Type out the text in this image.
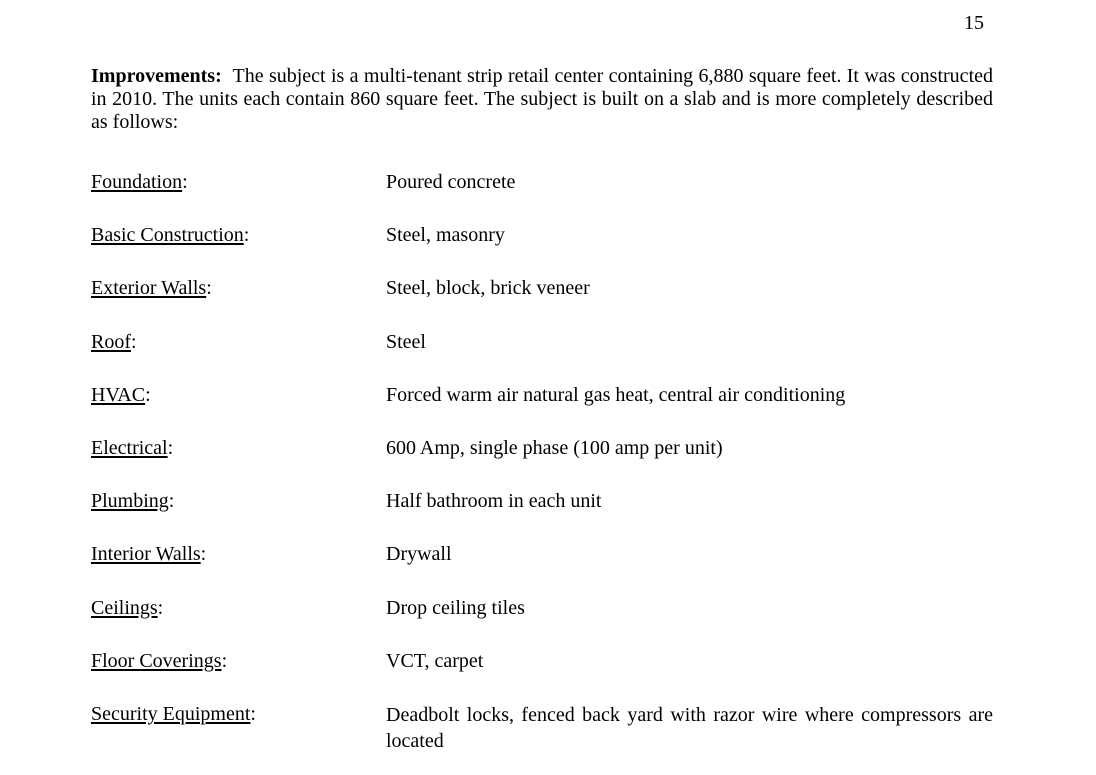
15

Improvements: The subject is a multi-tenant strip retail center containing 6,880 square feet. It was constructed in 2010. The units each contain 860 square feet. The subject is built on a slab and is more completely described as follows:

Foundation:	Poured concrete
Basic Construction:	Steel, masonry
Exterior Walls:	Steel, block, brick veneer
Roof:	Steel
HVAC:	Forced warm air natural gas heat, central air conditioning
Electrical:	600 Amp, single phase (100 amp per unit)
Plumbing:	Half bathroom in each unit
Interior Walls:	Drywall
Ceilings:	Drop ceiling tiles
Floor Coverings:	VCT, carpet
Security Equipment:	Deadbolt locks, fenced back yard with razor wire where compressors are located
